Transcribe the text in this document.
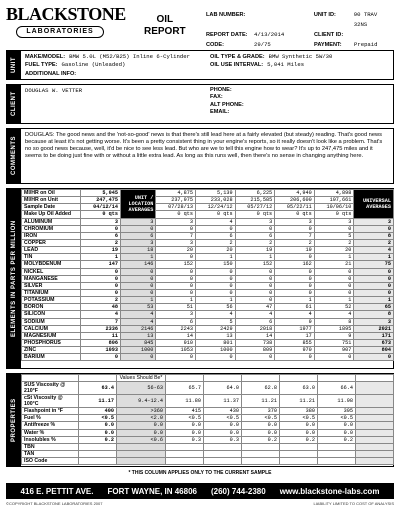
BLACKSTONE
LABORATORIES
OIL
REPORT
LAB NUMBER:	UNIT ID:	90 TRAV 32NS
REPORT DATE:	4/13/2014	CLIENT ID:
CODE:	29/75	PAYMENT:	Prepaid
UNIT	MAKE/MODEL: BMW 5.0L (M52/B25) Inline 6-Cylinder
FUEL TYPE: Gasoline (Unleaded)
ADDITIONAL INFO:
OIL TYPE & GRADE: BMW Synthetic 5W/30
OIL USE INTERVAL: 5,041 Miles
CLIENT
DOUGLAS W. VETTER	PHONE:
FAX:
ALT PHONE:
EMAIL:
COMMENTS
DOUGLAS: The good news and the 'not-so-good' news is that there's still lead here at a fairly elevated (but steady) reading. That's good news because at least it's not getting worse. It's been a pretty consistent thing in your engine's reports, so it really doesn't look like a problem. That's no so good news because, well, it'd be nice to see less lead. But who are we to tell this engine how to wear? It's up to 247,475 miles and it seems to be doing just fine with or without a little extra lead. As long as this runs well, then there's no sense in changing anything here.
ELEMENTS IN PARTS PER MILLION
MI/HR on Oil	5,045	UNIT / LOCATION AVERAGES	4,875	5,139	6,225	4,940	4,898	UNIVERSAL AVERAGES
MI/HR on Unit	247,475		237,975	233,028	215,585	206,600	197,661	
Sample Date	04/12/14		07/28/13	12/24/12	05/27/12	05/22/11	10/06/10	
Make Up Oil Added	0 qts		0 qts	0 qts	0 qts	0 qts	0 qts	
ALUMINUM	3	3	3	4	3	3	3	3
CHROMIUM	0	0	0	0	0	0	0	0
IRON	6	6	7	6	6	7	5	8
COPPER	2	3	3	2	2	2	2	2
LEAD	19	18	20	20	19	19	20	4
TIN	1	1	0	1	1	0	1	1
MOLYBDENUM	147	146	152	150	152	162	21	75
NICKEL	0	0	0	0	0	0	0	0
MANGANESE	0	0	0	0	0	0	0	0
SILVER	0	0	0	0	0	0	0	0
TITANIUM	0	0	0	0	0	0	0	0
POTASSIUM	2	1	1	1	0	1	1	1
BORON	48	53	51	56	47	61	52	65
SILICON	4	4	3	4	4	4	4	8
SODIUM	7	4	6	5	6	9	8	3
CALCIUM	2336	2146	2243	2429	2018	1977	1895	2021
MAGNESIUM	11	13	14	13	14	17	9	171
PHOSPHORUS	806	845	910	801	738	855	751	673
ZINC	1093	1000	1053	1000	809	970	907	804
BARIUM	0	0	0	0	0	0	0	0
PROPERTIES
		Values Should Be*						
SUS Viscosity @ 210°F	63.4	56-63	65.7	64.0	62.8	63.0	66.4	
cSt Viscosity @ 100°C	11.17	9.4-12.4	11.80	11.37	11.21	11.21	11.98	
Flashpoint in °F	400	>360	415	430	370	380	395	
Fuel %	<0.5	<2.0	<0.5	<0.5	<0.5	<0.5	<0.5	
Antifreeze %	0.0	0.0	0.0	0.0	0.0	0.0	0.0	
Water %	0.0	0.0	0.0	0.0	0.0	0.0	0.0	
Insolubles %	0.2	<0.6	0.3	0.3	0.2	0.2	0.2	
TBN								
TAN								
ISO Code								
* THIS COLUMN APPLIES ONLY TO THE CURRENT SAMPLE
416 E. PETTIT AVE. FORT WAYNE, IN 46806 (260) 744-2380 www.blackstone-labs.com
©COPYRIGHT BLACKSTONE LABORATORIES 2007	LIABILITY LIMITED TO COST OF ANALYSIS
